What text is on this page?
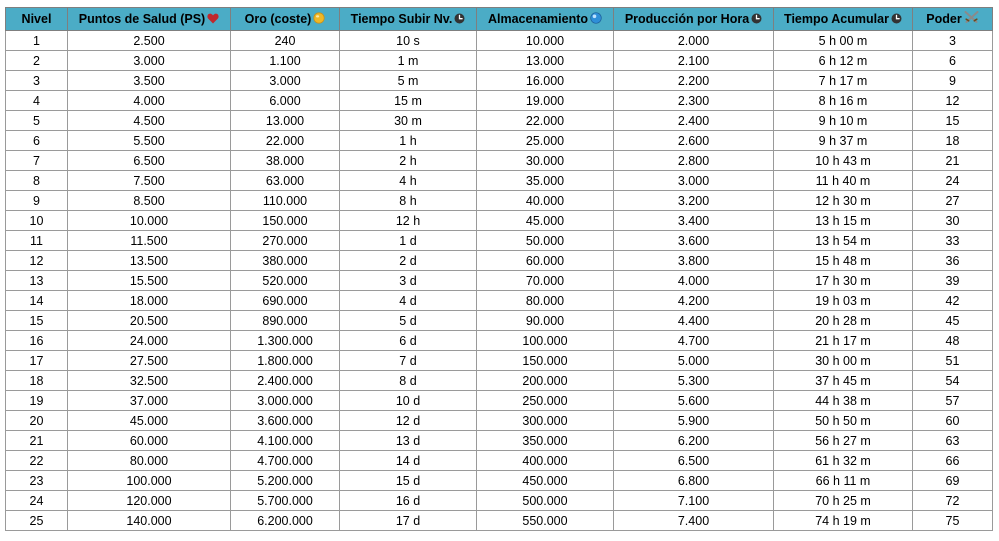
Nivel	Puntos de Salud (PS)	Oro (coste)	Tiempo Subir Nv.	Almacenamiento	Producción por Hora	Tiempo Acumular	Poder
1	2.500	240	10 s	10.000	2.000	5 h 00 m	3
2	3.000	1.100	1 m	13.000	2.100	6 h 12 m	6
3	3.500	3.000	5 m	16.000	2.200	7 h 17 m	9
4	4.000	6.000	15 m	19.000	2.300	8 h 16 m	12
5	4.500	13.000	30 m	22.000	2.400	9 h 10 m	15
6	5.500	22.000	1 h	25.000	2.600	9 h 37 m	18
7	6.500	38.000	2 h	30.000	2.800	10 h 43 m	21
8	7.500	63.000	4 h	35.000	3.000	11 h 40 m	24
9	8.500	110.000	8 h	40.000	3.200	12 h 30 m	27
10	10.000	150.000	12 h	45.000	3.400	13 h 15 m	30
11	11.500	270.000	1 d	50.000	3.600	13 h 54 m	33
12	13.500	380.000	2 d	60.000	3.800	15 h 48 m	36
13	15.500	520.000	3 d	70.000	4.000	17 h 30 m	39
14	18.000	690.000	4 d	80.000	4.200	19 h 03 m	42
15	20.500	890.000	5 d	90.000	4.400	20 h 28 m	45
16	24.000	1.300.000	6 d	100.000	4.700	21 h 17 m	48
17	27.500	1.800.000	7 d	150.000	5.000	30 h 00 m	51
18	32.500	2.400.000	8 d	200.000	5.300	37 h 45 m	54
19	37.000	3.000.000	10 d	250.000	5.600	44 h 38 m	57
20	45.000	3.600.000	12 d	300.000	5.900	50 h 50 m	60
21	60.000	4.100.000	13 d	350.000	6.200	56 h 27 m	63
22	80.000	4.700.000	14 d	400.000	6.500	61 h 32 m	66
23	100.000	5.200.000	15 d	450.000	6.800	66 h 11 m	69
24	120.000	5.700.000	16 d	500.000	7.100	70 h 25 m	72
25	140.000	6.200.000	17 d	550.000	7.400	74 h 19 m	75
